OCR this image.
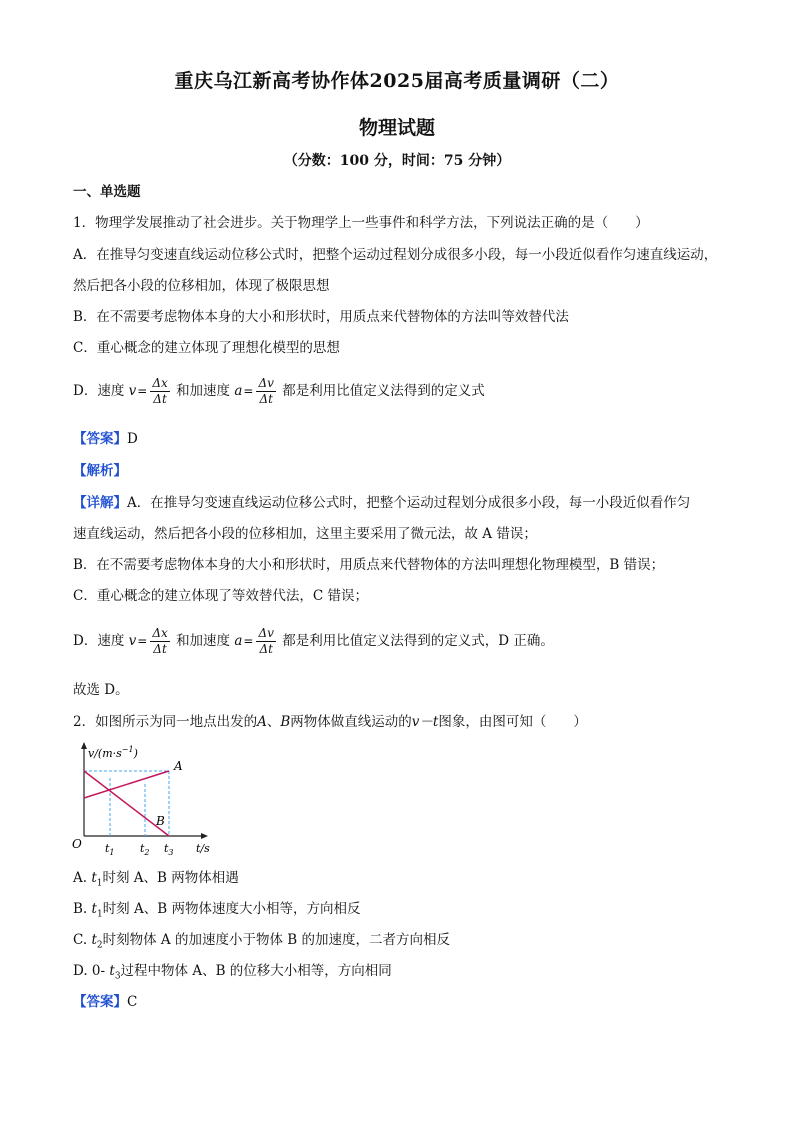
重庆乌江新高考协作体2025届高考质量调研（二）
物理试题
（分数：100 分，时间：75 分钟）
一、单选题
1．物理学发展推动了社会进步。关于物理学上一些事件和科学方法，下列说法正确的是（　　）
A．在推导匀变速直线运动位移公式时，把整个运动过程划分成很多小段，每一小段近似看作匀速直线运动，
然后把各小段的位移相加，体现了极限思想
B．在不需要考虑物体本身的大小和形状时，用质点来代替物体的方法叫等效替代法
C．重心概念的建立体现了理想化模型的思想
D．速度 $v= \frac{\Delta x}{\Delta t}$ 和加速度 $a= \frac{\Delta v}{\Delta t}$ 都是利用比值定义法得到的定义式
【答案】D
【解析】
【详解】A．在推导匀变速直线运动位移公式时，把整个运动过程划分成很多小段，每一小段近似看作匀
速直线运动，然后把各小段的位移相加，这里主要采用了微元法，故 A 错误；
B．在不需要考虑物体本身的大小和形状时，用质点来代替物体的方法叫理想化物理模型，B 错误；
C．重心概念的建立体现了等效替代法，C 错误；
D．速度 $v= \frac{\Delta x}{\Delta t}$ 和加速度 $a= \frac{\Delta v}{\Delta t}$ 都是利用比值定义法得到的定义式，D 正确。
故选 D。
2．如图所示为同一地点出发的A、B两物体做直线运动的v－t图象，由图可知（　　）
$v/(m\cdot s^{-1})$
A
B
O $t_1$ $t_2$ $t_3$ t/s
A. $t_1$时刻 A、B 两物体相遇
B. $t_1$时刻 A、B 两物体速度大小相等，方向相反
C. $t_2$时刻物体 A 的加速度小于物体 B 的加速度，二者方向相反
D. 0- $t_3$过程中物体 A、B 的位移大小相等，方向相同
【答案】C
